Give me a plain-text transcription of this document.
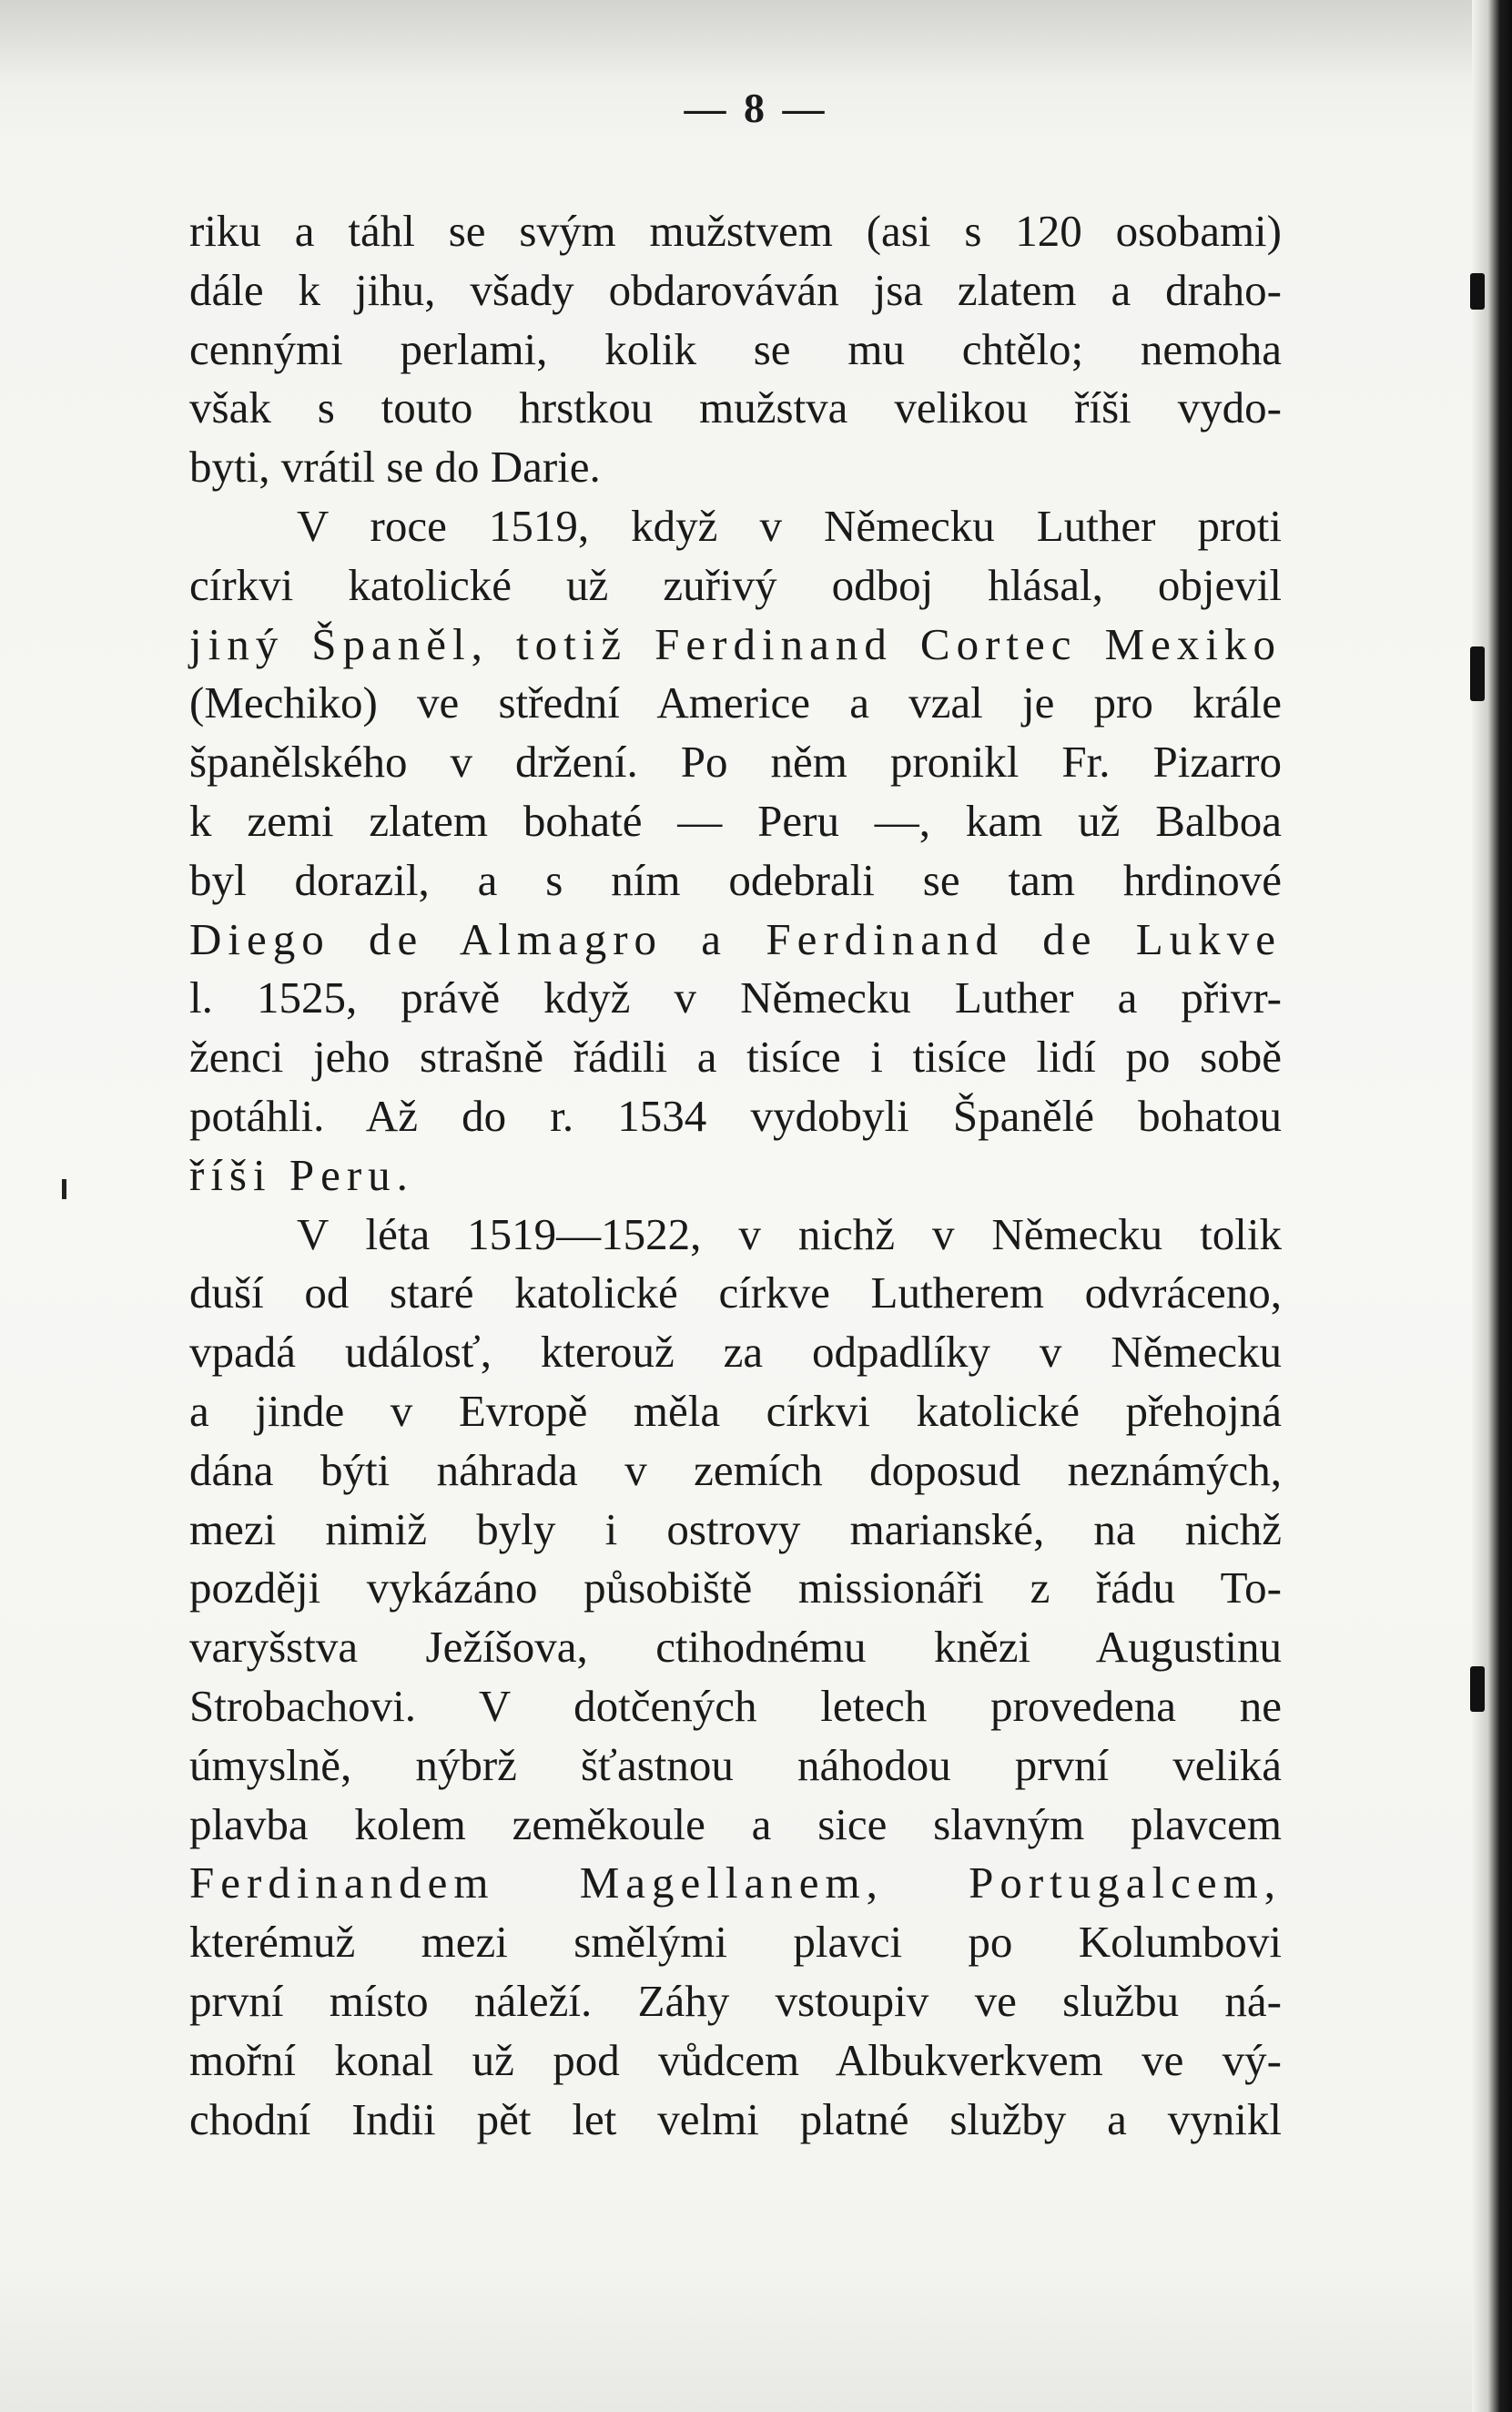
— 8 —
riku a táhl se svým mužstvem (asi s 120 osobami)
dále k jihu, všady obdarováván jsa zlatem a draho-
cennými perlami, kolik se mu chtělo; nemoha
však s touto hrstkou mužstva velikou říši vydo-
byti, vrátil se do Darie.
V roce 1519, když v Německu Luther proti
církvi katolické už zuřivý odboj hlásal, objevil
jiný Španěl, totiž Ferdinand Cortec Mexiko
(Mechiko) ve střední Americe a vzal je pro krále
španělského v držení. Po něm pronikl Fr. Pizarro
k zemi zlatem bohaté — Peru —, kam už Balboa
byl dorazil, a s ním odebrali se tam hrdinové
Diego de Almagro a Ferdinand de Lukve
l. 1525, právě když v Německu Luther a přivr-
ženci jeho strašně řádili a tisíce i tisíce lidí po sobě
potáhli. Až do r. 1534 vydobyli Španělé bohatou
říši Peru.
V léta 1519—1522, v nichž v Německu tolik
duší od staré katolické církve Lutherem odvráceno,
vpadá událosť, kterouž za odpadlíky v Německu
a jinde v Evropě měla církvi katolické přehojná
dána býti náhrada v zemích doposud neznámých,
mezi nimiž byly i ostrovy marianské, na nichž
později vykázáno působiště missionáři z řádu To-
varyšstva Ježíšova, ctihodnému knězi Augustinu
Strobachovi. V dotčených letech provedena ne
úmyslně, nýbrž šťastnou náhodou první veliká
plavba kolem zeměkoule a sice slavným plavcem
Ferdinandem Magellanem, Portugalcem,
kterémuž mezi smělými plavci po Kolumbovi
první místo náleží. Záhy vstoupiv ve službu ná-
mořní konal už pod vůdcem Albukverkvem ve vý-
chodní Indii pět let velmi platné služby a vynikl
